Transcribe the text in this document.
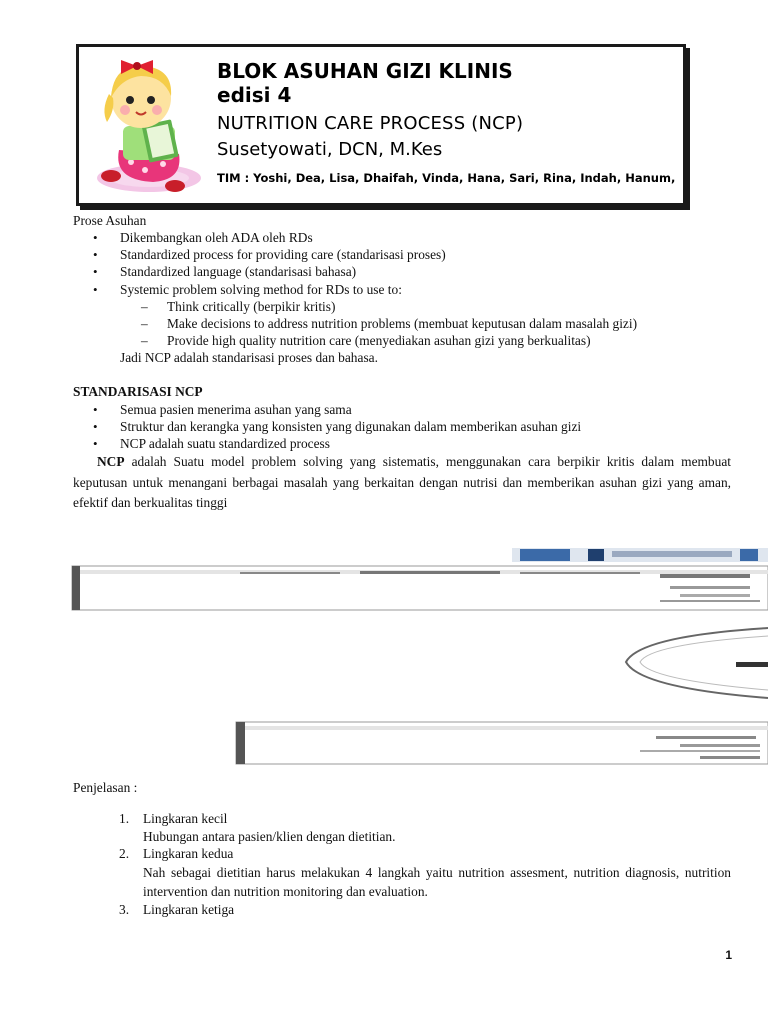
BLOK ASUHAN GIZI KLINIS
edisi 4
NUTRITION CARE PROCESS (NCP)
Susetyowati, DCN, M.Kes
TIM : Yoshi, Dea, Lisa, Dhaifah, Vinda, Hana, Sari, Rina, Indah, Hanum,
Prose Asuhan
• Dikembangkan oleh ADA oleh RDs
• Standardized process for providing care (standarisasi proses)
• Standardized language (standarisasi bahasa)
• Systemic problem solving method for RDs to use to:
– Think critically (berpikir kritis)
– Make decisions to address nutrition problems (membuat keputusan dalam masalah gizi)
– Provide high quality nutrition care (menyediakan asuhan gizi yang berkualitas)
Jadi NCP adalah standarisasi proses dan bahasa.
STANDARISASI NCP
• Semua pasien menerima asuhan yang sama
• Struktur dan kerangka yang konsisten yang digunakan dalam memberikan asuhan gizi
• NCP adalah suatu standardized process
NCP adalah Suatu model problem solving yang sistematis, menggunakan cara berpikir kritis dalam membuat keputusan untuk menangani berbagai masalah yang berkaitan dengan nutrisi dan memberikan asuhan gizi yang aman, efektif dan berkualitas tinggi
Penjelasan :
1. Lingkaran kecil
Hubungan antara pasien/klien dengan dietitian.
2. Lingkaran kedua
Nah sebagai dietitian harus melakukan 4 langkah yaitu nutrition assesment, nutrition diagnosis, nutrition intervention dan nutrition monitoring dan evaluation.
3. Lingkaran ketiga
1
